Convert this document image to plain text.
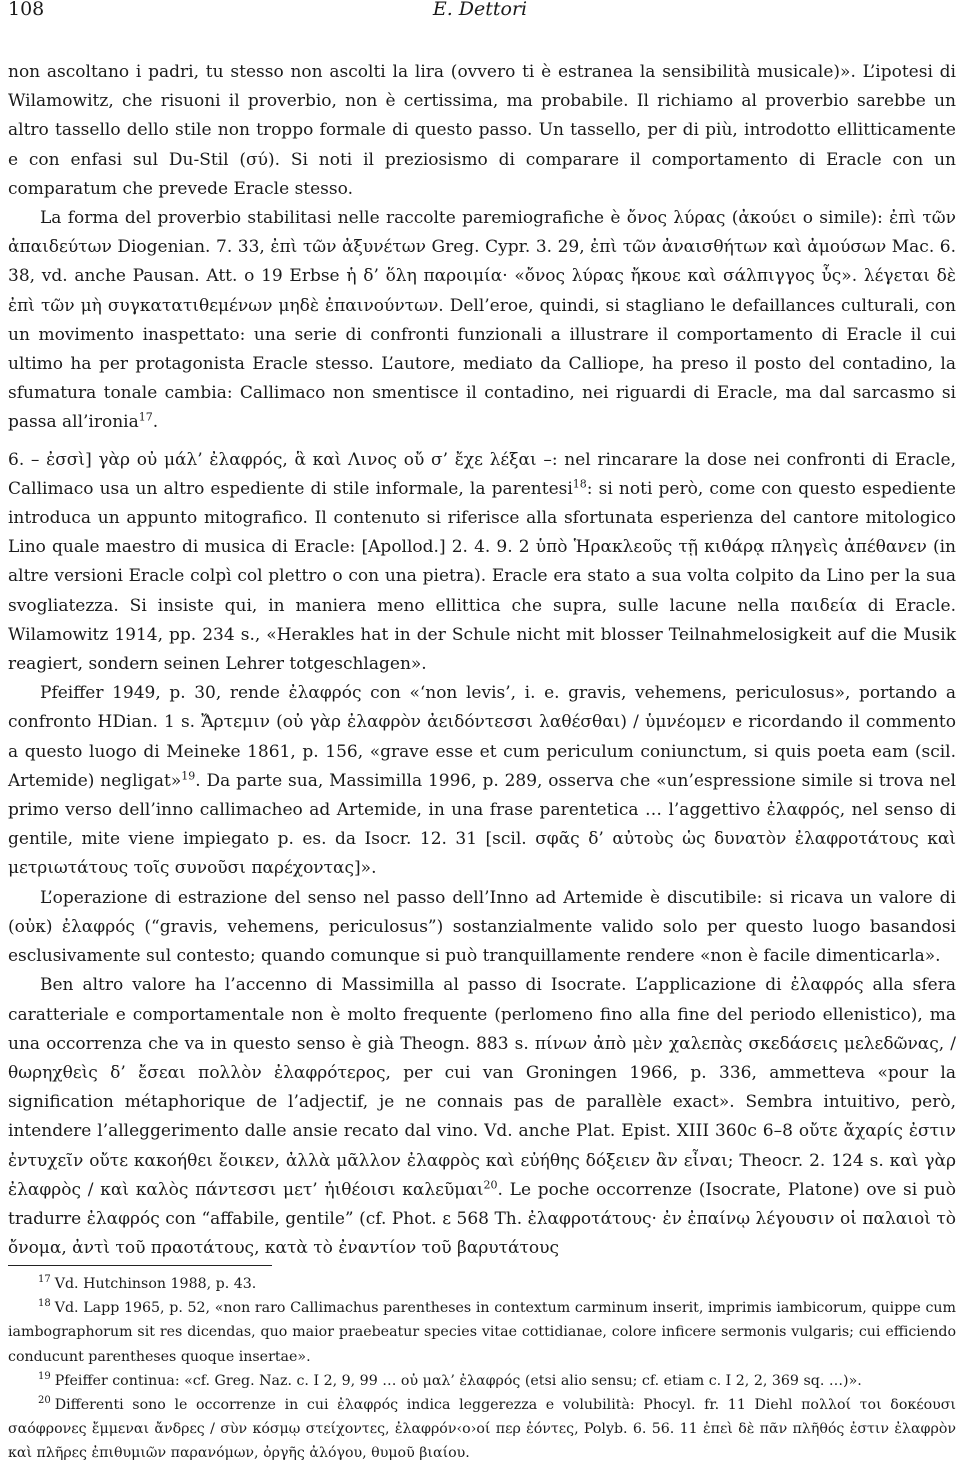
108	E. Dettori

non ascoltano i padri, tu stesso non ascolti la lira (ovvero ti è estranea la sensibilità musicale)». L’ipotesi di Wilamowitz, che risuoni il proverbio, non è certissima, ma probabile. Il richiamo al proverbio sarebbe un altro tassello dello stile non troppo formale di questo passo. Un tassello, per di più, introdotto ellitticamente e con enfasi sul Du-Stil (σύ). Si noti il preziosismo di comparare il comportamento di Eracle con un comparatum che prevede Eracle stesso.

La forma del proverbio stabilitasi nelle raccolte paremiografiche è ὄνος λύρας (ἀκούει o simile): ἐπὶ τῶν ἀπαιδεύτων Diogenian. 7. 33, ἐπὶ τῶν ἀξυνέτων Greg. Cypr. 3. 29, ἐπὶ τῶν ἀναισθήτων καὶ ἀμούσων Mac. 6. 38, vd. anche Pausan. Att. o 19 Erbse ἡ δ’ ὅλη παροιμία· «ὄνος λύρας ἤκουε καὶ σάλπιγγος ὗς». λέγεται δὲ ἐπὶ τῶν μὴ συγκατατιθεμένων μηδὲ ἐπαινούντων. Dell’eroe, quindi, si stagliano le defaillances culturali, con un movimento inaspettato: una serie di confronti funzionali a illustrare il comportamento di Eracle il cui ultimo ha per protagonista Eracle stesso. L’autore, mediato da Calliope, ha preso il posto del contadino, la sfumatura tonale cambia: Callimaco non smentisce il contadino, nei riguardi di Eracle, ma dal sarcasmo si passa all’ironia$^{17}$.

6. – ἐσσὶ] γὰρ οὐ μάλ’ ἐλαφρός, ἃ καὶ Λινος οὔ σ’ ἔχε λέξαι –: nel rincarare la dose nei confronti di Eracle, Callimaco usa un altro espediente di stile informale, la parentesi$^{18}$: si noti però, come con questo espediente introduca un appunto mitografico. Il contenuto si riferisce alla sfortunata esperienza del cantore mitologico Lino quale maestro di musica di Eracle: [Apollod.] 2. 4. 9. 2 ὑπὸ Ἡρακλεοῦς τῇ κιθάρᾳ πληγεὶς ἀπέθανεν (in altre versioni Eracle colpì col plettro o con una pietra). Eracle era stato a sua volta colpito da Lino per la sua svogliatezza. Si insiste qui, in maniera meno ellittica che supra, sulle lacune nella παιδεία di Eracle. Wilamowitz 1914, pp. 234 s., «Herakles hat in der Schule nicht mit blosser Teilnahmelosigkeit auf die Musik reagiert, sondern seinen Lehrer totgeschlagen».

Pfeiffer 1949, p. 30, rende ἐλαφρός con «‘non levis’, i. e. gravis, vehemens, periculosus», portando a confronto HDian. 1 s. Ἄρτεμιν (οὐ γὰρ ἐλαφρὸν ἀειδόντεσσι λαθέσθαι) / ὑμνέομεν e ricordando il commento a questo luogo di Meineke 1861, p. 156, «grave esse et cum periculum coniunctum, si quis poeta eam (scil. Artemide) negligat»$^{19}$. Da parte sua, Massimilla 1996, p. 289, osserva che «un’espressione simile si trova nel primo verso dell’inno callimacheo ad Artemide, in una frase parentetica … l’aggettivo ἐλαφρός, nel senso di gentile, mite viene impiegato p. es. da Isocr. 12. 31 [scil. σφᾶς δ’ αὐτοὺς ὡς δυνατὸν ἐλαφροτάτους καὶ μετριωτάτους τοῖς συνοῦσι παρέχοντας]».

L’operazione di estrazione del senso nel passo dell’Inno ad Artemide è discutibile: si ricava un valore di (οὐκ) ἐλαφρός (“gravis, vehemens, periculosus”) sostanzialmente valido solo per questo luogo basandosi esclusivamente sul contesto; quando comunque si può tranquillamente rendere «non è facile dimenticarla».

Ben altro valore ha l’accenno di Massimilla al passo di Isocrate. L’applicazione di ἐλαφρός alla sfera caratteriale e comportamentale non è molto frequente (perlomeno fino alla fine del periodo ellenistico), ma una occorrenza che va in questo senso è già Theogn. 883 s. πίνων ἀπὸ μὲν χαλεπὰς σκεδάσεις μελεδῶνας, / θωρηχθεὶς δ’ ἔσεαι πολλὸν ἐλαφρότερος, per cui van Groningen 1966, p. 336, ammetteva «pour la signification métaphorique de l’adjectif, je ne connais pas de parallèle exact». Sembra intuitivo, però, intendere l’alleggerimento dalle ansie recato dal vino. Vd. anche Plat. Epist. XIII 360c 6–8 οὔτε ἄχαρίς ἐστιν ἐντυχεῖν οὔτε κακοήθει ἔοικεν, ἀλλὰ μᾶλλον ἐλαφρὸς καὶ εὐήθης δόξειεν ἂν εἶναι; Theocr. 2. 124 s. καὶ γὰρ ἐλαφρὸς / καὶ καλὸς πάντεσσι μετ’ ἠιθέοισι καλεῦμαι$^{20}$. Le poche occorrenze (Isocrate, Platone) ove si può tradurre ἐλαφρός con “affabile, gentile” (cf. Phot. ε 568 Th. ἐλαφροτάτους· ἐν ἐπαίνῳ λέγουσιν οἱ παλαιοὶ τὸ ὄνομα, ἀντὶ τοῦ πραοτάτους, κατὰ τὸ ἐναντίον τοῦ βαρυτάτους

$^{17}$ Vd. Hutchinson 1988, p. 43.

$^{18}$ Vd. Lapp 1965, p. 52, «non raro Callimachus parentheses in contextum carminum inserit, imprimis iambicorum, quippe cum iambographorum sit res dicendas, quo maior praebeatur species vitae cottidianae, colore inficere sermonis vulgaris; cui efficiendo conducunt parentheses quoque insertae».

$^{19}$ Pfeiffer continua: «cf. Greg. Naz. c. I 2, 9, 99 … οὐ μαλ’ ἐλαφρός (etsi alio sensu; cf. etiam c. I 2, 2, 369 sq. …)».

$^{20}$ Differenti sono le occorrenze in cui ἐλαφρός indica leggerezza e volubilità: Phocyl. fr. 11 Diehl πολλοί τοι δοκέουσι σαόφρονες ἔμμεναι ἄνδρες / σὺν κόσμῳ στείχοντες, ἐλαφρόν‹ο›οί περ ἐόντες, Polyb. 6. 56. 11 ἐπεὶ δὲ πᾶν πλῆθός ἐστιν ἐλαφρὸν καὶ πλῆρες ἐπιθυμιῶν παρανόμων, ὀργῆς ἀλόγου, θυμοῦ βιαίου.
